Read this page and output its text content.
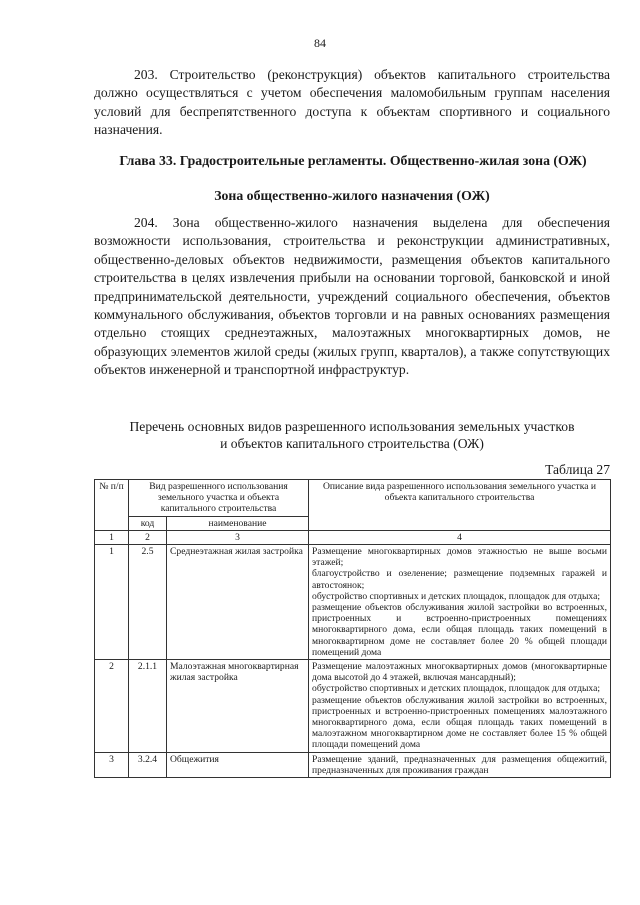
84

203. Строительство (реконструкция) объектов капитального строительства должно осуществляться с учетом обеспечения маломобильным группам населения условий для беспрепятственного доступа к объектам спортивного и социального назначения.

Глава 33. Градостроительные регламенты. Общественно-жилая зона (ОЖ)
Зона общественно-жилого назначения (ОЖ)

204. Зона общественно-жилого назначения выделена для обеспечения возможности использования, строительства и реконструкции административных, общественно-деловых объектов недвижимости, размещения объектов капитального строительства в целях извлечения прибыли на основании торговой, банковской и иной предпринимательской деятельности, учреждений социального обеспечения, объектов коммунального обслуживания, объектов торговли и на равных основаниях размещения отдельно стоящих среднеэтажных, малоэтажных многоквартирных домов, не образующих элементов жилой среды (жилых групп, кварталов), а также сопутствующих объектов инженерной и транспортной инфраструктур.

Перечень основных видов разрешенного использования земельных участков
и объектов капитального строительства (ОЖ)
Таблица 27
№ п/п	Вид разрешенного использования земельного участка и объекта капитального строительства		Описание вида разрешенного использования земельного участка и объекта капитального строительства
	код	наименование	
1	2	3	4
1	2.5	Среднеэтажная жилая застройка	Размещение многоквартирных домов этажностью не выше восьми этажей;

благоустройство и озеленение; размещение подземных гаражей и автостоянок;

обустройство спортивных и детских площадок, площадок для отдыха;

размещение объектов обслуживания жилой застройки во встроенных, пристроенных и встроенно-пристроенных помещениях многоквартирного дома, если общая площадь таких помещений в многоквартирном доме не составляет более 20 % общей площади помещений дома

2	2.1.1	Малоэтажная многоквартирная жилая застройка	Размещение малоэтажных многоквартирных домов (многоквартирные дома высотой до 4 этажей, включая мансардный);

обустройство спортивных и детских площадок, площадок для отдыха;

размещение объектов обслуживания жилой застройки во встроенных, пристроенных и встроенно-пристроенных помещениях малоэтажного многоквартирного дома, если общая площадь таких помещений в малоэтажном многоквартирном доме не составляет более 15 % общей площади помещений дома

3	3.2.4	Общежития	Размещение зданий, предназначенных для размещения общежитий, предназначенных для проживания граждан
